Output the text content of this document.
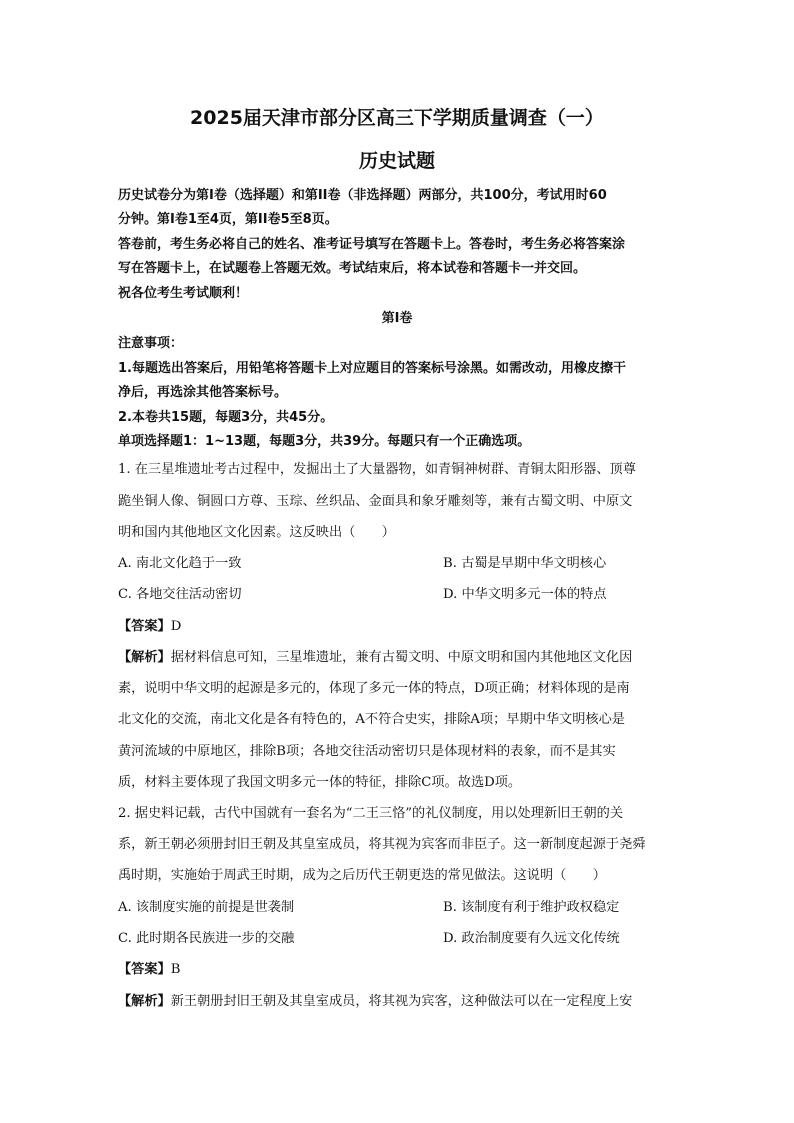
2025届天津市部分区高三下学期质量调查（一）
历史试题
历史试卷分为第I卷（选择题）和第II卷（非选择题）两部分，共100分，考试用时60
分钟。第I卷1至4页，第II卷5至8页。
答卷前，考生务必将自己的姓名、准考证号填写在答题卡上。答卷时，考生务必将答案涂
写在答题卡上，在试题卷上答题无效。考试结束后，将本试卷和答题卡一并交回。
祝各位考生考试顺利！
第I卷
注意事项：
1.每题选出答案后，用铅笔将答题卡上对应题目的答案标号涂黑。如需改动，用橡皮擦干
净后，再选涂其他答案标号。
2.本卷共15题，每题3分，共45分。
单项选择题1：1~13题，每题3分，共39分。每题只有一个正确选项。
1. 在三星堆遗址考古过程中，发掘出土了大量器物，如青铜神树群、青铜太阳形器、顶尊
跪坐铜人像、铜圆口方尊、玉琮、丝织品、金面具和象牙雕刻等，兼有古蜀文明、中原文
明和国内其他地区文化因素。这反映出（　　）
A. 南北文化趋于一致	B. 古蜀是早期中华文明核心
C. 各地交往活动密切	D. 中华文明多元一体的特点
【答案】D
【解析】据材料信息可知，三星堆遗址，兼有古蜀文明、中原文明和国内其他地区文化因
素，说明中华文明的起源是多元的，体现了多元一体的特点，D项正确；材料体现的是南
北文化的交流，南北文化是各有特色的，A不符合史实，排除A项；早期中华文明核心是
黄河流域的中原地区，排除B项；各地交往活动密切只是体现材料的表象，而不是其实
质，材料主要体现了我国文明多元一体的特征，排除C项。故选D项。
2. 据史料记载，古代中国就有一套名为“二王三恪”的礼仪制度，用以处理新旧王朝的关
系，新王朝必须册封旧王朝及其皇室成员，将其视为宾客而非臣子。这一新制度起源于尧舜
禹时期，实施始于周武王时期，成为之后历代王朝更迭的常见做法。这说明（　　）
A. 该制度实施的前提是世袭制	B. 该制度有利于维护政权稳定
C. 此时期各民族进一步的交融	D. 政治制度要有久远文化传统
【答案】B
【解析】新王朝册封旧王朝及其皇室成员，将其视为宾客，这种做法可以在一定程度上安
